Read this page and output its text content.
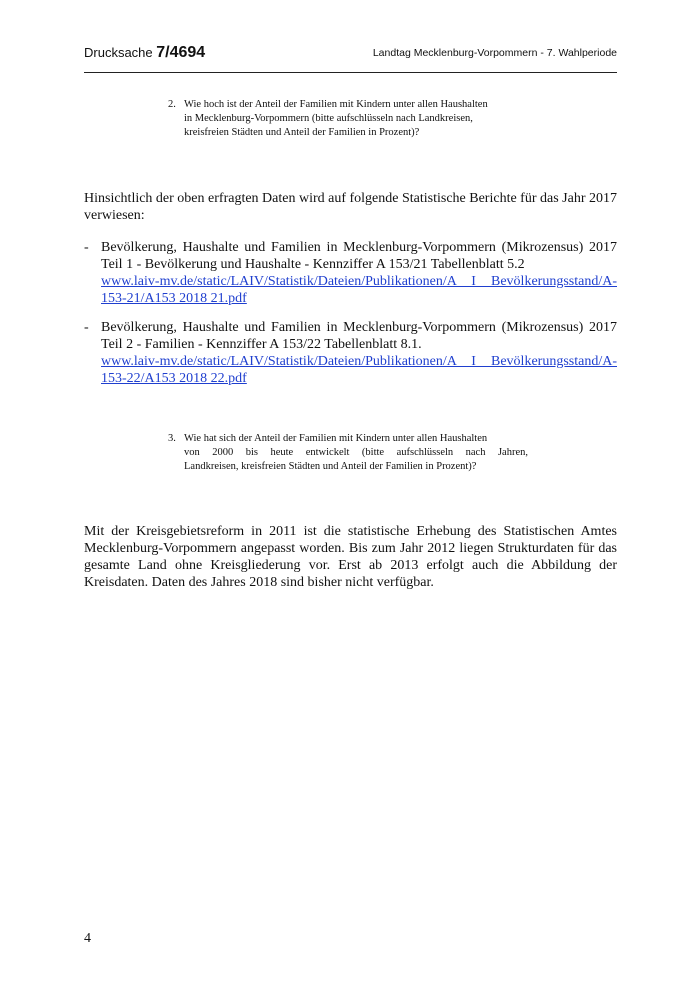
Drucksache 7/4694	Landtag Mecklenburg-Vorpommern - 7. Wahlperiode
2. Wie hoch ist der Anteil der Familien mit Kindern unter allen Haushalten
in Mecklenburg-Vorpommern (bitte aufschlüsseln nach Landkreisen,
kreisfreien Städten und Anteil der Familien in Prozent)?
Hinsichtlich der oben erfragten Daten wird auf folgende Statistische Berichte für das Jahr 2017
verwiesen:
- Bevölkerung, Haushalte und Familien in Mecklenburg-Vorpommern (Mikrozensus) 2017
Teil 1 - Bevölkerung und Haushalte - Kennziffer A 153/21 Tabellenblatt 5.2
www.laiv-mv.de/static/LAIV/Statistik/Dateien/Publikationen/A I Bevölkerungsstand/A-
153-21/A153 2018 21.pdf
- Bevölkerung, Haushalte und Familien in Mecklenburg-Vorpommern (Mikrozensus) 2017
Teil 2 - Familien - Kennziffer A 153/22 Tabellenblatt 8.1.
www.laiv-mv.de/static/LAIV/Statistik/Dateien/Publikationen/A I Bevölkerungsstand/A-
153-22/A153 2018 22.pdf
3. Wie hat sich der Anteil der Familien mit Kindern unter allen Haushalten
von 2000 bis heute entwickelt (bitte aufschlüsseln nach Jahren,
Landkreisen, kreisfreien Städten und Anteil der Familien in Prozent)?
Mit der Kreisgebietsreform in 2011 ist die statistische Erhebung des Statistischen Amtes
Mecklenburg-Vorpommern angepasst worden. Bis zum Jahr 2012 liegen Strukturdaten für das
gesamte Land ohne Kreisgliederung vor. Erst ab 2013 erfolgt auch die Abbildung der
Kreisdaten. Daten des Jahres 2018 sind bisher nicht verfügbar.
4
